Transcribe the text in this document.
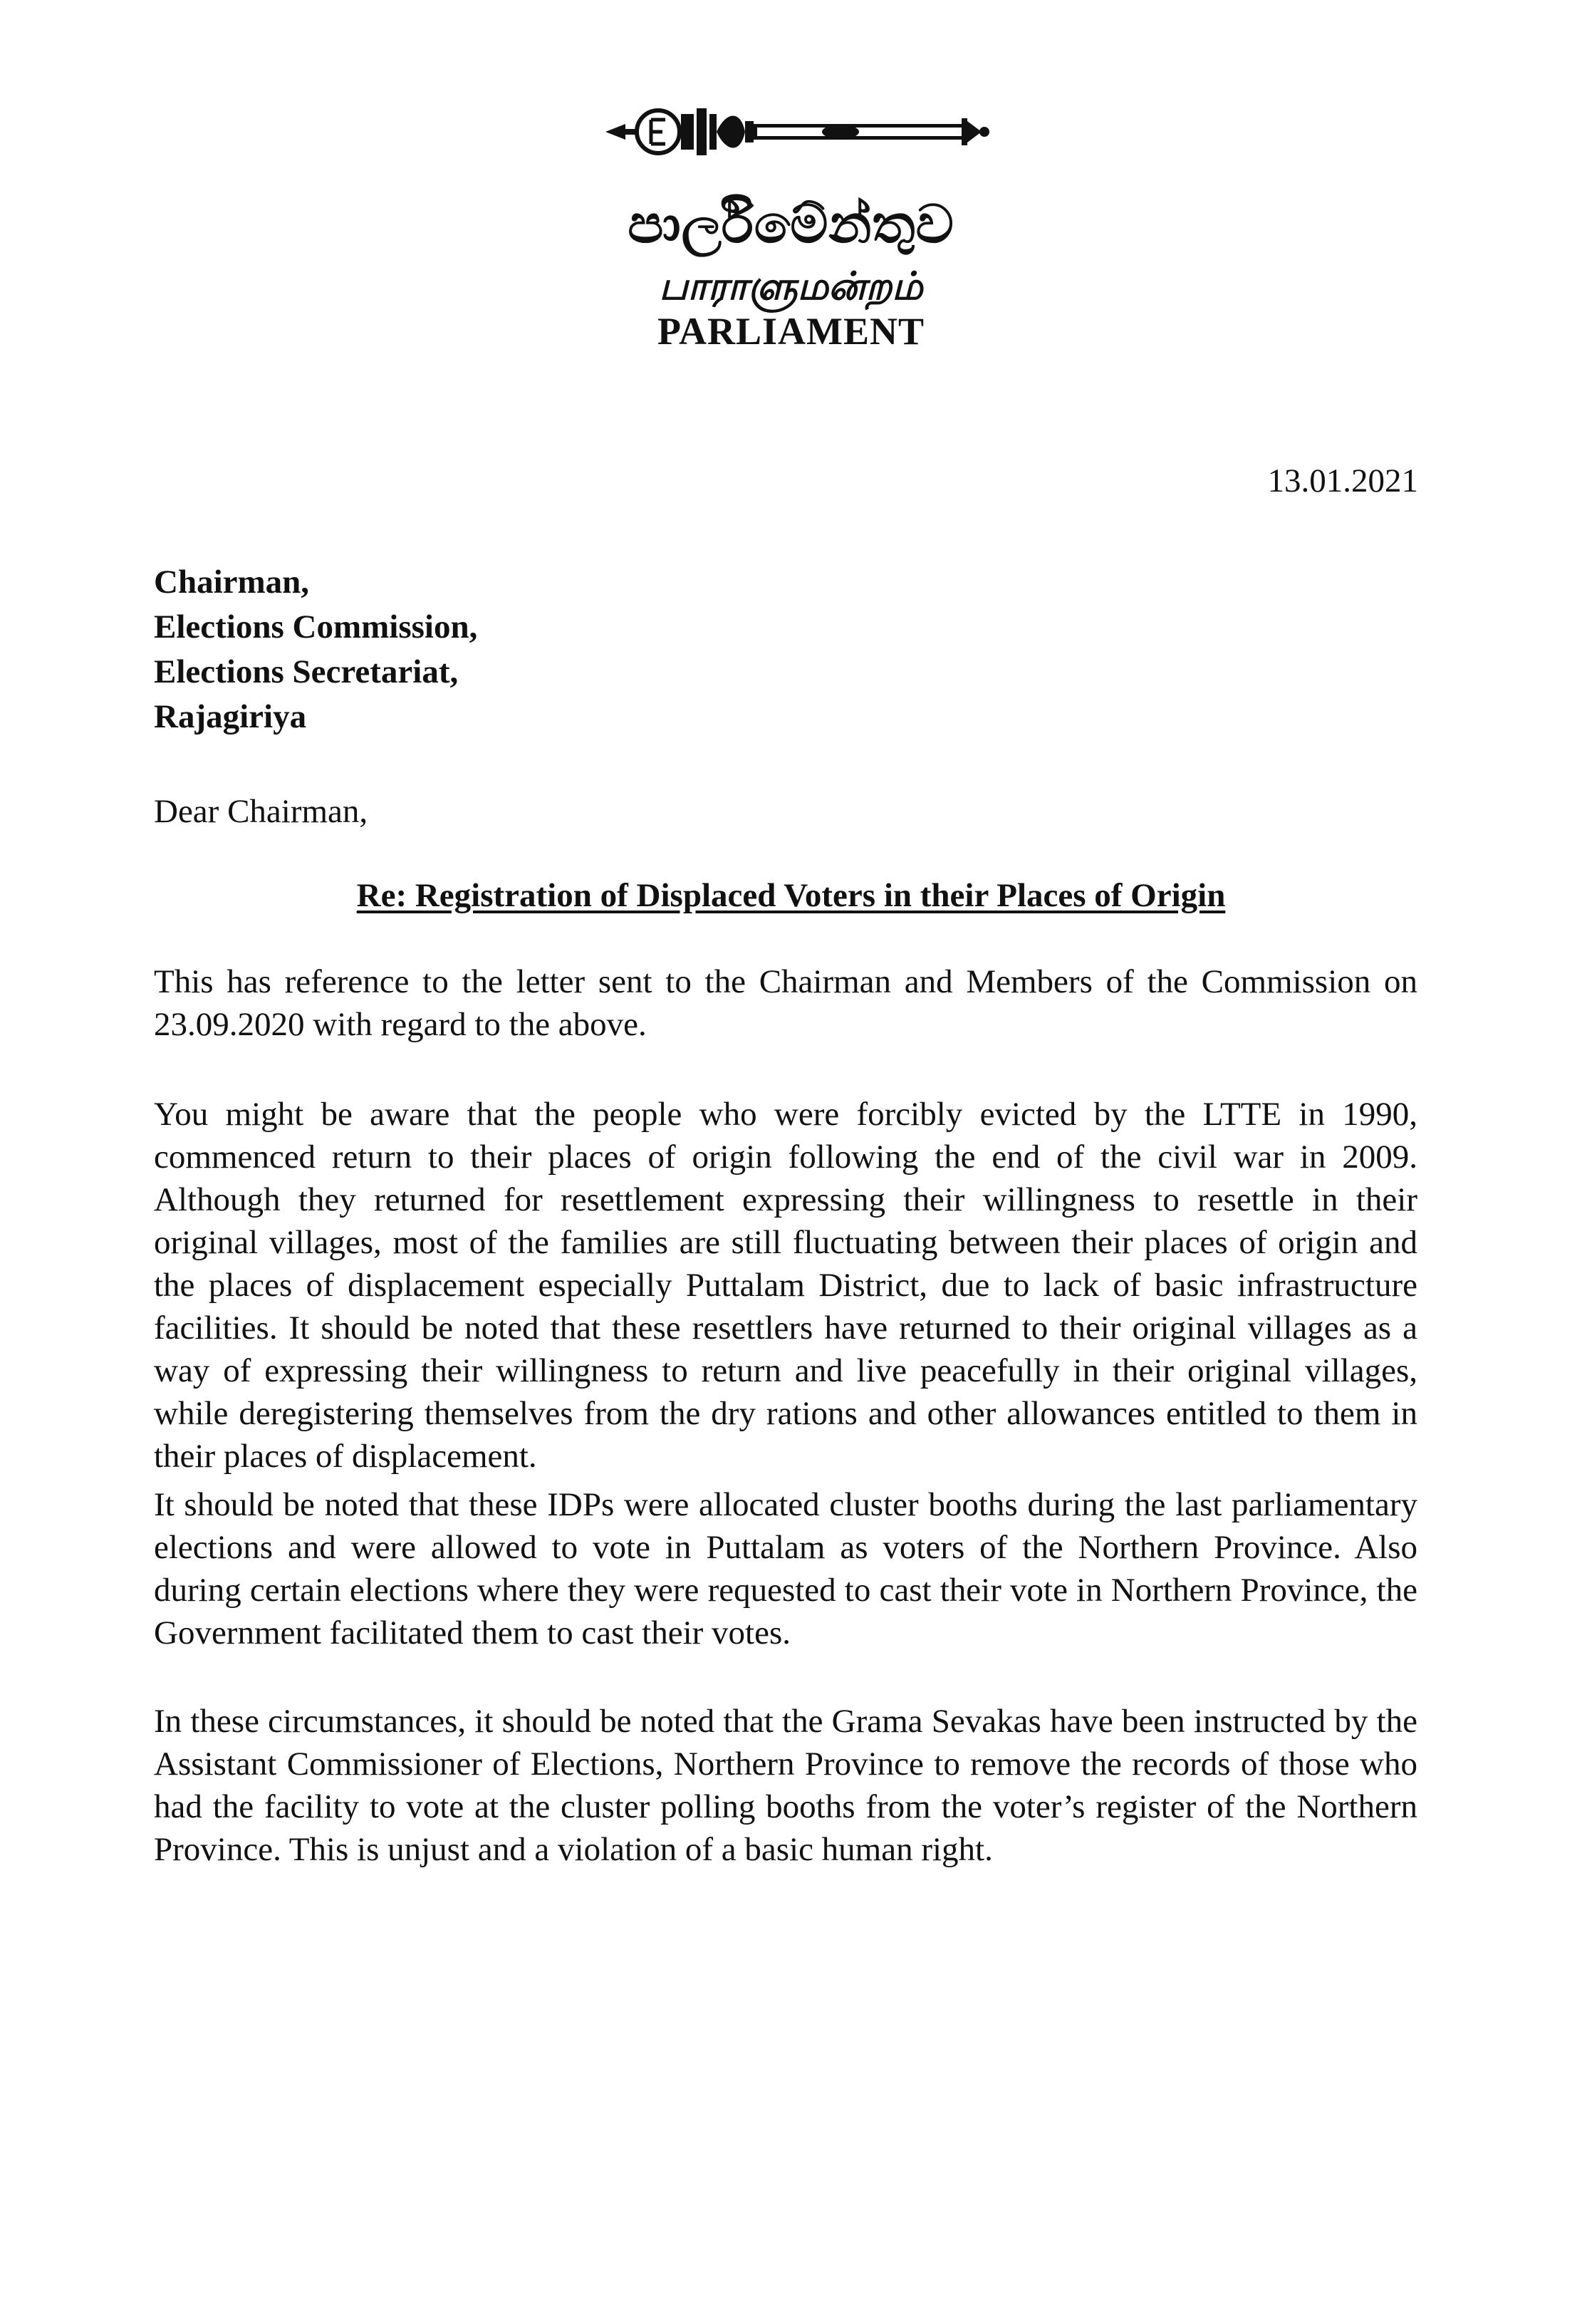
පාර්ලිමේන්තුව
பாராளுமன்றம்
PARLIAMENT
13.01.2021
Chairman,
Elections Commission,
Elections Secretariat,
Rajagiriya
Dear Chairman,
Re: Registration of Displaced Voters in their Places of Origin
This has reference to the letter sent to the Chairman and Members of the Commission on 23.09.2020 with regard to the above.
You might be aware that the people who were forcibly evicted by the LTTE in 1990, commenced return to their places of origin following the end of the civil war in 2009. Although they returned for resettlement expressing their willingness to resettle in their original villages, most of the families are still fluctuating between their places of origin and the places of displacement especially Puttalam District, due to lack of basic infrastructure facilities. It should be noted that these resettlers have returned to their original villages as a way of expressing their willingness to return and live peacefully in their original villages, while deregistering themselves from the dry rations and other allowances entitled to them in their places of displacement.
It should be noted that these IDPs were allocated cluster booths during the last parliamentary elections and were allowed to vote in Puttalam as voters of the Northern Province. Also during certain elections where they were requested to cast their vote in Northern Province, the Government facilitated them to cast their votes.
In these circumstances, it should be noted that the Grama Sevakas have been instructed by the Assistant Commissioner of Elections, Northern Province to remove the records of those who had the facility to vote at the cluster polling booths from the voter’s register of the Northern Province. This is unjust and a violation of a basic human right.
